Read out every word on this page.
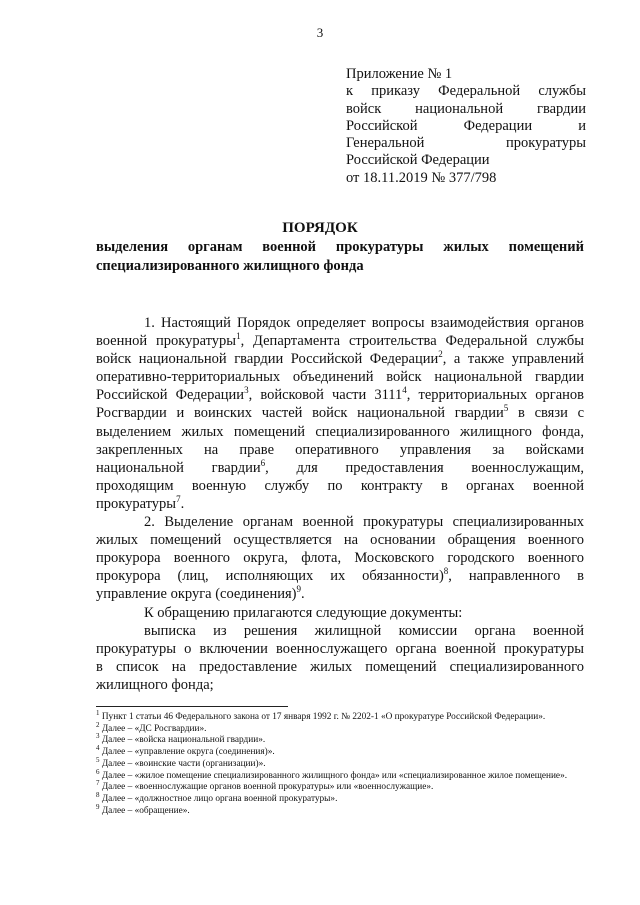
3
Приложение № 1
к приказу Федеральной службы
войск национальной гвардии
Российской Федерации и
Генеральной прокуратуры
Российской Федерации
от 18.11.2019 № 377/798
ПОРЯДОК
выделения органам военной прокуратуры жилых помещений
специализированного жилищного фонда
1. Настоящий Порядок определяет вопросы взаимодействия органов
военной прокуратуры$^1$, Департамента строительства Федеральной службы
войск национальной гвардии Российской Федерации$^2$, а также управлений
оперативно-территориальных объединений войск национальной гвардии
Российской Федерации$^3$, войсковой части 3111$^4$, территориальных органов
Росгвардии и воинских частей войск национальной гвардии$^5$ в связи с
выделением жилых помещений специализированного жилищного фонда,
закрепленных на праве оперативного управления за войсками
национальной гвардии$^6$, для предоставления военнослужащим,
проходящим военную службу по контракту в органах военной
прокуратуры$^7$.
2. Выделение органам военной прокуратуры специализированных
жилых помещений осуществляется на основании обращения военного
прокурора военного округа, флота, Московского городского военного
прокурора (лиц, исполняющих их обязанности)$^8$, направленного в
управление округа (соединения)$^9$.
К обращению прилагаются следующие документы:
выписка из решения жилищной комиссии органа военной
прокуратуры о включении военнослужащего органа военной прокуратуры
в список на предоставление жилых помещений специализированного
жилищного фонда;
$^1$ Пункт 1 статьи 46 Федерального закона от 17 января 1992 г. № 2202-1 «О прокуратуре Российской Федерации».
$^2$ Далее – «ДС Росгвардии».
$^3$ Далее – «войска национальной гвардии».
$^4$ Далее – «управление округа (соединения)».
$^5$ Далее – «воинские части (организации)».
$^6$ Далее – «жилое помещение специализированного жилищного фонда» или «специализированное жилое помещение».
$^7$ Далее – «военнослужащие органов военной прокуратуры» или «военнослужащие».
$^8$ Далее – «должностное лицо органа военной прокуратуры».
$^9$ Далее – «обращение».
